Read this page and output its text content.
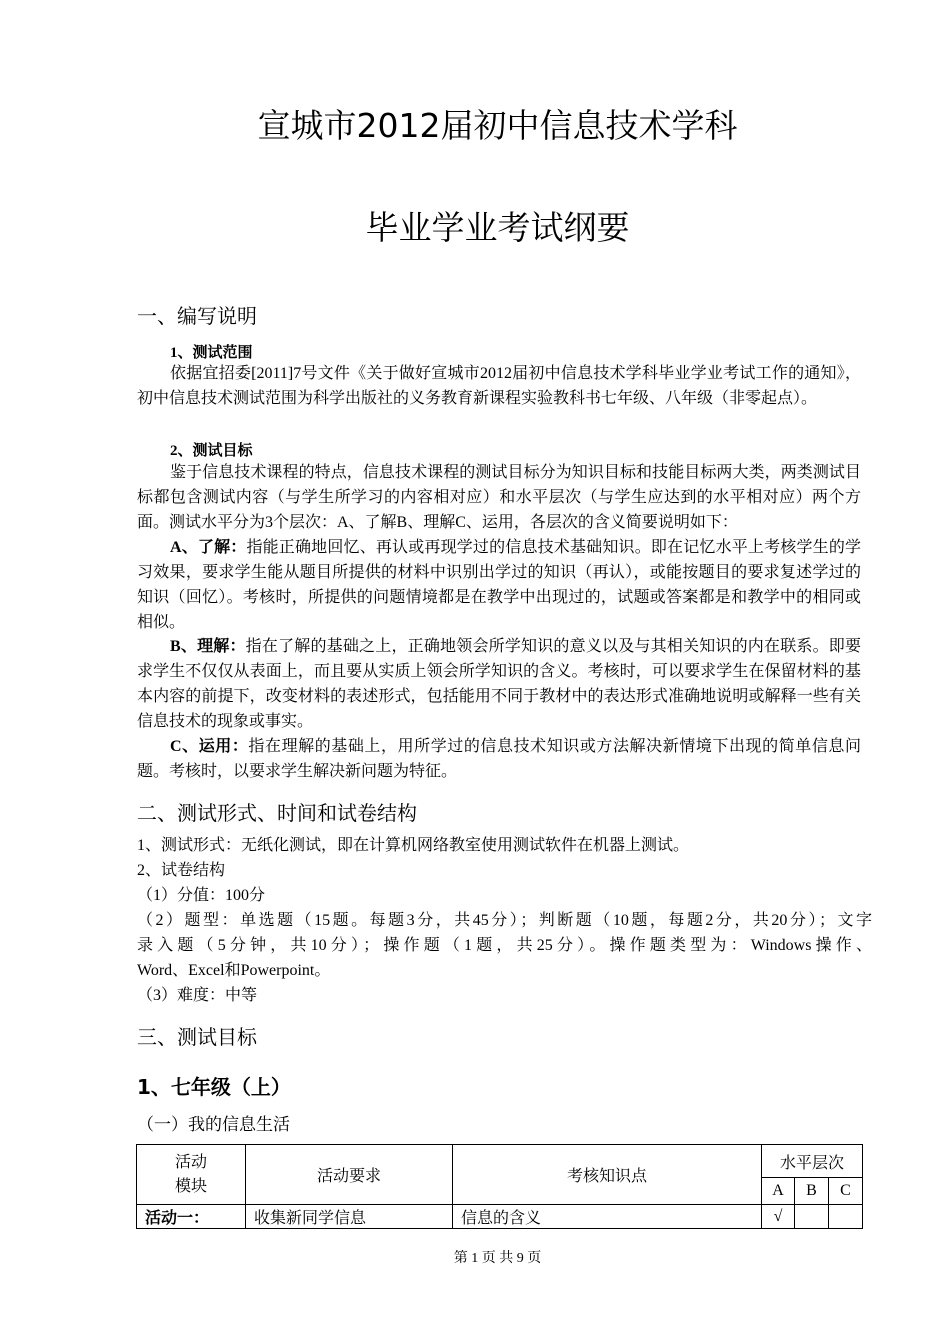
宣城市2012届初中信息技术学科
毕业学业考试纲要
一、编写说明
1、测试范围
依据宜招委[2011]7号文件《关于做好宣城市2012届初中信息技术学科毕业学业考试工作的通知》，初中信息技术测试范围为科学出版社的义务教育新课程实验教科书七年级、八年级（非零起点）。
2、测试目标
鉴于信息技术课程的特点，信息技术课程的测试目标分为知识目标和技能目标两大类，两类测试目标都包含测试内容（与学生所学习的内容相对应）和水平层次（与学生应达到的水平相对应）两个方面。测试水平分为3个层次：A、了解B、理解C、运用，各层次的含义简要说明如下：
A、了解：指能正确地回忆、再认或再现学过的信息技术基础知识。即在记忆水平上考核学生的学习效果，要求学生能从题目所提供的材料中识别出学过的知识（再认），或能按题目的要求复述学过的知识（回忆）。考核时，所提供的问题情境都是在教学中出现过的，试题或答案都是和教学中的相同或相似。
B、理解：指在了解的基础之上，正确地领会所学知识的意义以及与其相关知识的内在联系。即要求学生不仅仅从表面上，而且要从实质上领会所学知识的含义。考核时，可以要求学生在保留材料的基本内容的前提下，改变材料的表述形式，包括能用不同于教材中的表达形式准确地说明或解释一些有关信息技术的现象或事实。
C、运用：指在理解的基础上，用所学过的信息技术知识或方法解决新情境下出现的简单信息问题。考核时，以要求学生解决新问题为特征。
二、测试形式、时间和试卷结构
1、测试形式：无纸化测试，即在计算机网络教室使用测试软件在机器上测试。
2、试卷结构
（1）分值：100分
（2）题型：单选题（15题。每题3分，共45分）；判断题（10题，每题2分，共20分）；文字
录入题（5分钟，共10分）；操作题（1题，共25分）。操作题类型为：Windows操作、
Word、Excel和Powerpoint。
（3）难度：中等
三、测试目标
1、七年级（上）
（一）我的信息生活
活动
模块	活动要求	考核知识点	水平层次		
			A	B	C
活动一：	收集新同学信息	信息的含义	√		
第 1 页 共 9 页
